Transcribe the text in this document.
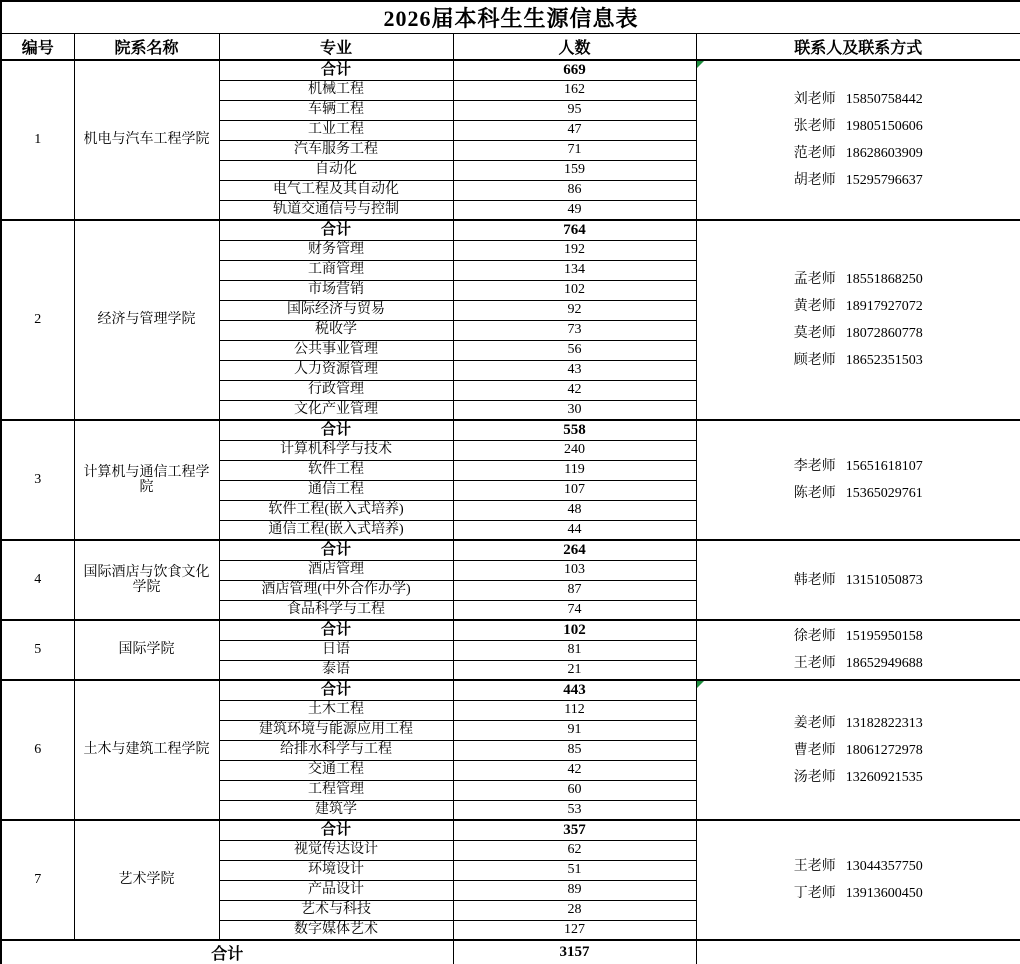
2026届本科生生源信息表				
编号	院系名称	专业	人数	联系人及联系方式
1	机电与汽车工程学院	合计	669	刘老师 15850758442
张老师 19805150606
范老师 18628603909
胡老师 15295796637

		机械工程	162	
		车辆工程	95	
		工业工程	47	
		汽车服务工程	71	
		自动化	159	
		电气工程及其自动化	86	
		轨道交通信号与控制	49	
2	经济与管理学院	合计	764	孟老师 18551868250
黄老师 18917927072
莫老师 18072860778
顾老师 18652351503

		财务管理	192	
		工商管理	134	
		市场营销	102	
		国际经济与贸易	92	
		税收学	73	
		公共事业管理	56	
		人力资源管理	43	
		行政管理	42	
		文化产业管理	30	
3	计算机与通信工程学院	合计	558	李老师 15651618107
陈老师 15365029761

		计算机科学与技术	240	
		软件工程	119	
		通信工程	107	
		软件工程(嵌入式培养)	48	
		通信工程(嵌入式培养)	44	
4	国际酒店与饮食文化学院	合计	264	韩老师 13151050873

		酒店管理	103	
		酒店管理(中外合作办学)	87	
		食品科学与工程	74	
5	国际学院	合计	102	徐老师 15195950158
王老师 18652949688

		日语	81	
		泰语	21	
6	土木与建筑工程学院	合计	443	姜老师 13182822313
曹老师 18061272978
汤老师 13260921535

		土木工程	112	
		建筑环境与能源应用工程	91	
		给排水科学与工程	85	
		交通工程	42	
		工程管理	60	
		建筑学	53	
7	艺术学院	合计	357	王老师 13044357750
丁老师 13913600450

		视觉传达设计	62	
		环境设计	51	
		产品设计	89	
		艺术与科技	28	
		数字媒体艺术	127	
合计			3157	
